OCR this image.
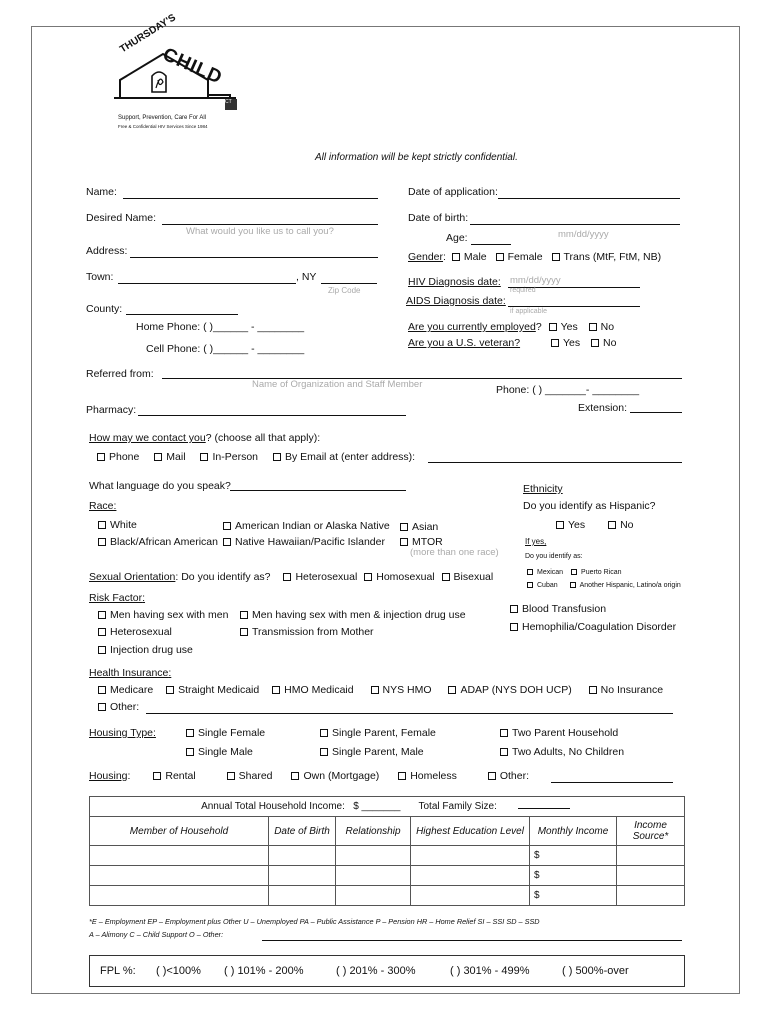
THURSDAY'S
CHILD
CT
Support, Prevention, Care For All
Free & Confidential HIV Services Since 1984
All information will be kept strictly confidential.
Name:	Date of application:
Desired Name:
What would you like us to call you?
Date of birth:
mm/dd/yyyy
Age:
Address:	Gender: Male Female Trans (MtF, FtM, NB)
Town:	, NY
Zip Code
HIV Diagnosis date: mm/dd/yyyy
required
County:
AIDS Diagnosis date:
if applicable
Home Phone: ( )______ - ________
Cell Phone: ( )______ - ________
Are you currently employed? Yes No
Are you a U.S. veteran?	Yes No
Referred from:
Name of Organization and Staff Member	Phone: ( ) _______- ________
Pharmacy:	Extension:
How may we contact you? (choose all that apply):
Phone	Mail	In-Person	By Email at (enter address):
What language do you speak?	Ethnicity
Do you identify as Hispanic?
Yes	No
If yes,
Do you identify as:
Mexican	Puerto Rican
Cuban	Another Hispanic, Latino/a origin
Race:
White	American Indian or Alaska Native	Asian
Black/African American	Native Hawaiian/Pacific Islander	MTOR
(more than one race)
Sexual Orientation: Do you identify as? Heterosexual Homosexual Bisexual
Risk Factor:
Men having sex with men	Men having sex with men & injection drug use	Blood Transfusion
Heterosexual	Transmission from Mother	Hemophilia/Coagulation Disorder
Injection drug use
Health Insurance:
Medicare Straight Medicaid HMO Medicaid	NYS HMO	ADAP (NYS DOH UCP)	No Insurance
Other:
Housing Type:	Single Female	Single Parent, Female	Two Parent Household
Single Male	Single Parent, Male	Two Adults, No Children
Housing:	Rental	Shared	Own (Mortgage)	Homeless	Other:
Annual Total Household Income: $ _______			Total Family Size:		
Member of Household	Date of Birth	Relationship	Highest Education Level	Monthly Income	Income Source*
				$	
				$	
				$	
*E – Employment EP – Employment plus Other U – Unemployed PA – Public Assistance P – Pension HR – Home Relief SI – SSI SD – SSD
A – Alimony C – Child Support O – Other:
FPL %: ( )<100% ( ) 101% - 200%	( ) 201% - 300%	( ) 301% - 499%	( ) 500%-over
